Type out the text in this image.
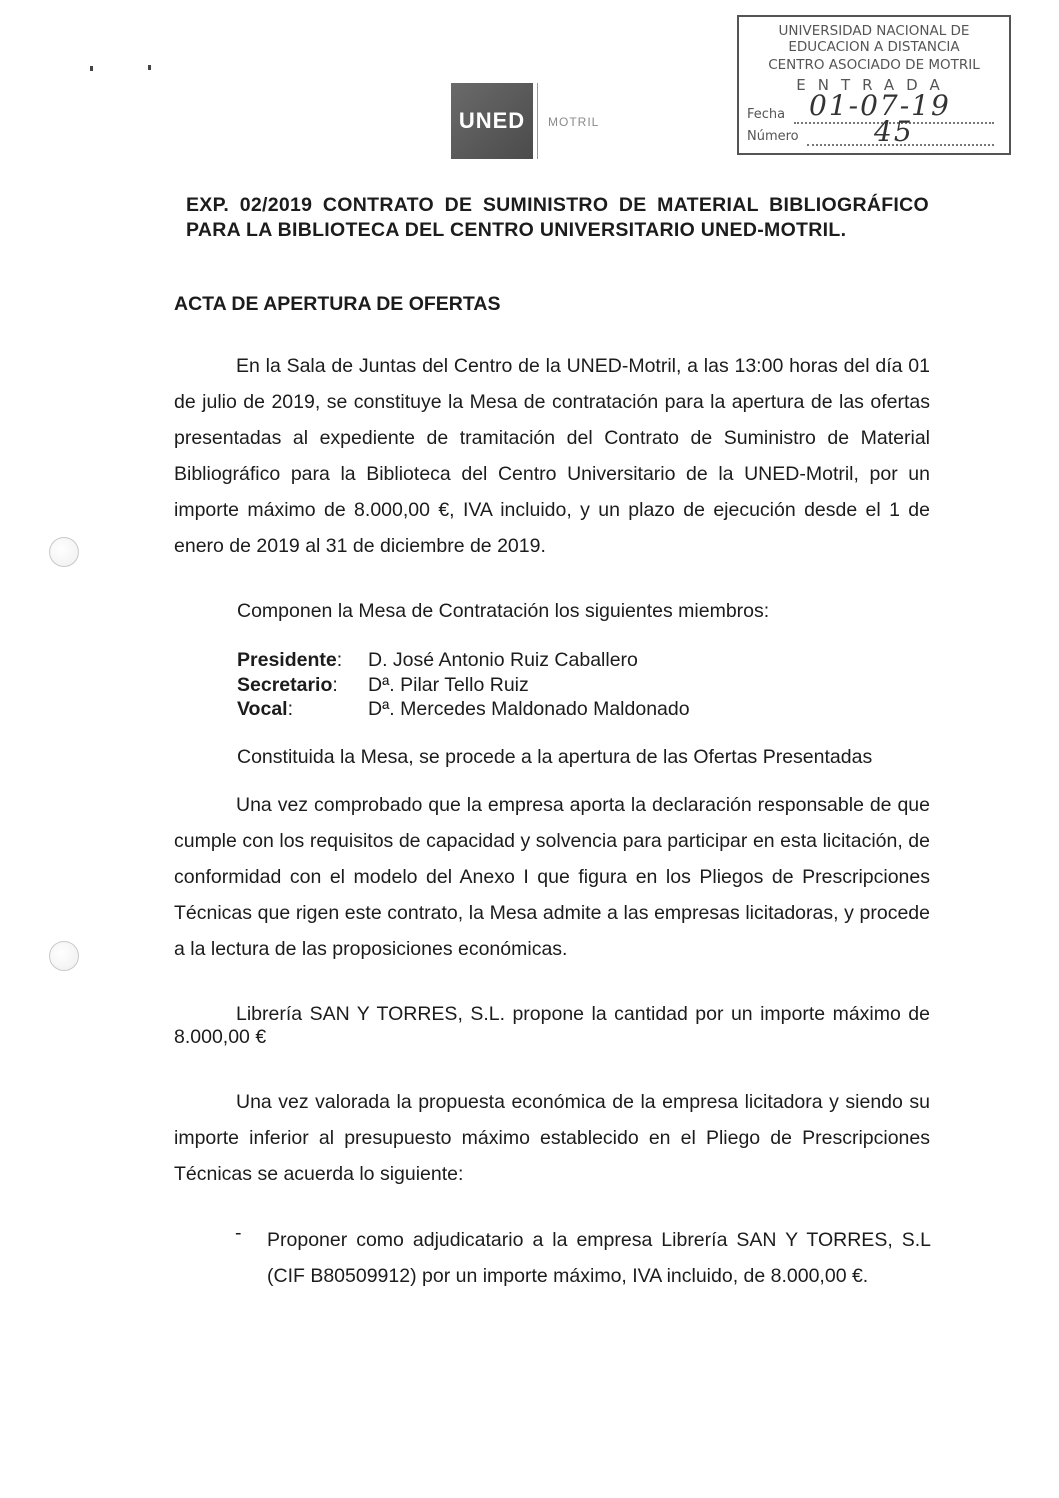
UNED MOTRIL
UNIVERSIDAD NACIONAL DE
EDUCACION A DISTANCIA
CENTRO ASOCIADO DE MOTRIL
ENTRADA
Fecha 01-07-19
Número	45
EXP. 02/2019 CONTRATO DE SUMINISTRO DE MATERIAL BIBLIOGRÁFICO PARA LA BIBLIOTECA DEL CENTRO UNIVERSITARIO UNED-MOTRIL.
ACTA DE APERTURA DE OFERTAS
En la Sala de Juntas del Centro de la UNED-Motril, a las 13:00 horas del día 01 de julio de 2019, se constituye la Mesa de contratación para la apertura de las ofertas presentadas al expediente de tramitación del Contrato de Suministro de Material Bibliográfico para la Biblioteca del Centro Universitario de la UNED-Motril, por un importe máximo de 8.000,00 €, IVA incluido, y un plazo de ejecución desde el 1 de enero de 2019 al 31 de diciembre de 2019.
Componen la Mesa de Contratación los siguientes miembros:
Presidente:	D. José Antonio Ruiz Caballero
Secretario:	Dª. Pilar Tello Ruiz
Vocal:	Dª. Mercedes Maldonado Maldonado
Constituida la Mesa, se procede a la apertura de las Ofertas Presentadas
Una vez comprobado que la empresa aporta la declaración responsable de que cumple con los requisitos de capacidad y solvencia para participar en esta licitación, de conformidad con el modelo del Anexo I que figura en los Pliegos de Prescripciones Técnicas que rigen este contrato, la Mesa admite a las empresas licitadoras, y procede a la lectura de las proposiciones económicas.
Librería SAN Y TORRES, S.L. propone la cantidad por un importe máximo de 8.000,00 €
Una vez valorada la propuesta económica de la empresa licitadora y siendo su importe inferior al presupuesto máximo establecido en el Pliego de Prescripciones Técnicas se acuerda lo siguiente:
- Proponer como adjudicatario a la empresa Librería SAN Y TORRES, S.L (CIF B80509912) por un importe máximo, IVA incluido, de 8.000,00 €.
